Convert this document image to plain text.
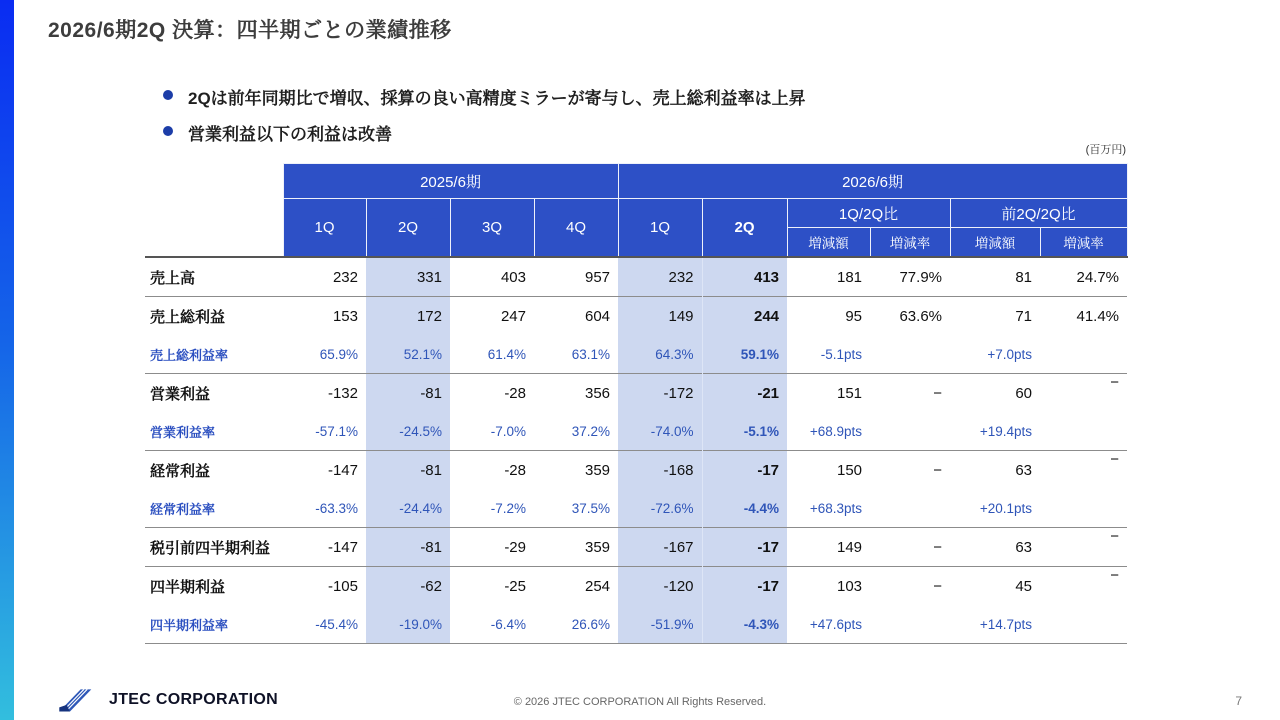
2026/6期2Q 決算：四半期ごとの業績推移
2Qは前年同期比で増収、採算の良い高精度ミラーが寄与し、売上総利益率は上昇
営業利益以下の利益は改善
(百万円)
	2025/6期				2026/6期					
	1Q	2Q	3Q	4Q	1Q	2Q	1Q/2Q比		前2Q/2Q比	
							増減額	増減率	増減額	増減率
売上高	232	331	403	957	232	413	181	77.9%	81	24.7%
売上総利益	153	172	247	604	149	244	95	63.6%	71	41.4%
売上総利益率	65.9%	52.1%	61.4%	63.1%	64.3%	59.1%	-5.1pts		+7.0pts	
営業利益	-132	-81	-28	356	-172	-21	151	−	60	−
営業利益率	-57.1%	-24.5%	-7.0%	37.2%	-74.0%	-5.1%	+68.9pts		+19.4pts	
経常利益	-147	-81	-28	359	-168	-17	150	−	63	−
経常利益率	-63.3%	-24.4%	-7.2%	37.5%	-72.6%	-4.4%	+68.3pts		+20.1pts	
税引前四半期利益	-147	-81	-29	359	-167	-17	149	−	63	−
四半期利益	-105	-62	-25	254	-120	-17	103	−	45	−
四半期利益率	-45.4%	-19.0%	-6.4%	26.6%	-51.9%	-4.3%	+47.6pts		+14.7pts	
JTEC CORPORATION	© 2026 JTEC CORPORATION All Rights Reserved.	7
